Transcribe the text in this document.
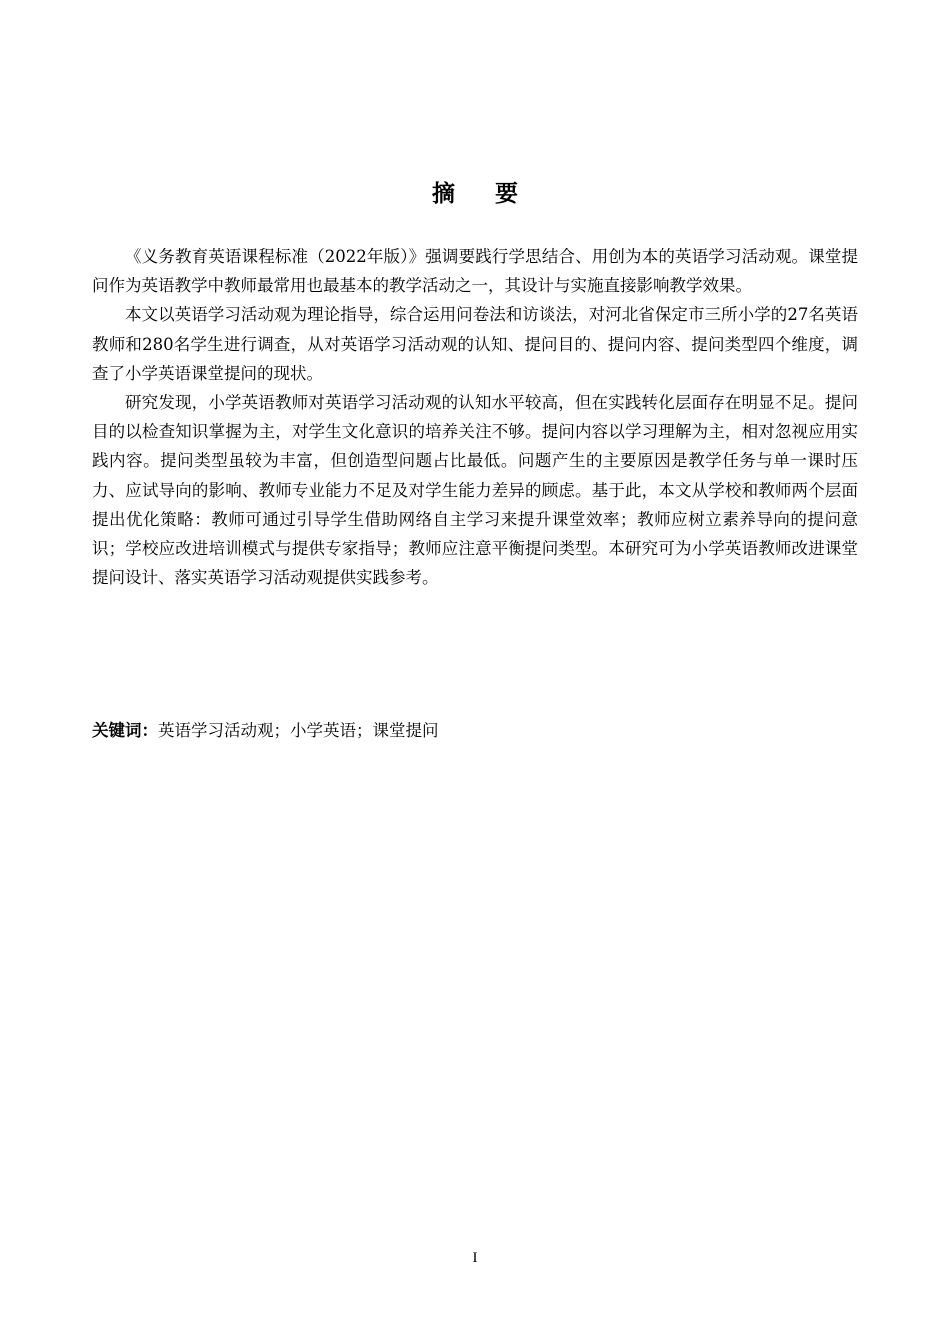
摘要

《义务教育英语课程标准（2022年版）》强调要践行学思结合、用创为本的英语学习活动观。课堂提问作为英语教学中教师最常用也最基本的教学活动之一，其设计与实施直接影响教学效果。

本文以英语学习活动观为理论指导，综合运用问卷法和访谈法，对河北省保定市三所小学的27名英语教师和280名学生进行调查，从对英语学习活动观的认知、提问目的、提问内容、提问类型四个维度，调查了小学英语课堂提问的现状。

研究发现，小学英语教师对英语学习活动观的认知水平较高，但在实践转化层面存在明显不足。提问目的以检查知识掌握为主，对学生文化意识的培养关注不够。提问内容以学习理解为主，相对忽视应用实践内容。提问类型虽较为丰富，但创造型问题占比最低。问题产生的主要原因是教学任务与单一课时压力、应试导向的影响、教师专业能力不足及对学生能力差异的顾虑。基于此，本文从学校和教师两个层面提出优化策略：教师可通过引导学生借助网络自主学习来提升课堂效率；教师应树立素养导向的提问意识；学校应改进培训模式与提供专家指导；教师应注意平衡提问类型。本研究可为小学英语教师改进课堂提问设计、落实英语学习活动观提供实践参考。

关键词：英语学习活动观；小学英语；课堂提问
I
